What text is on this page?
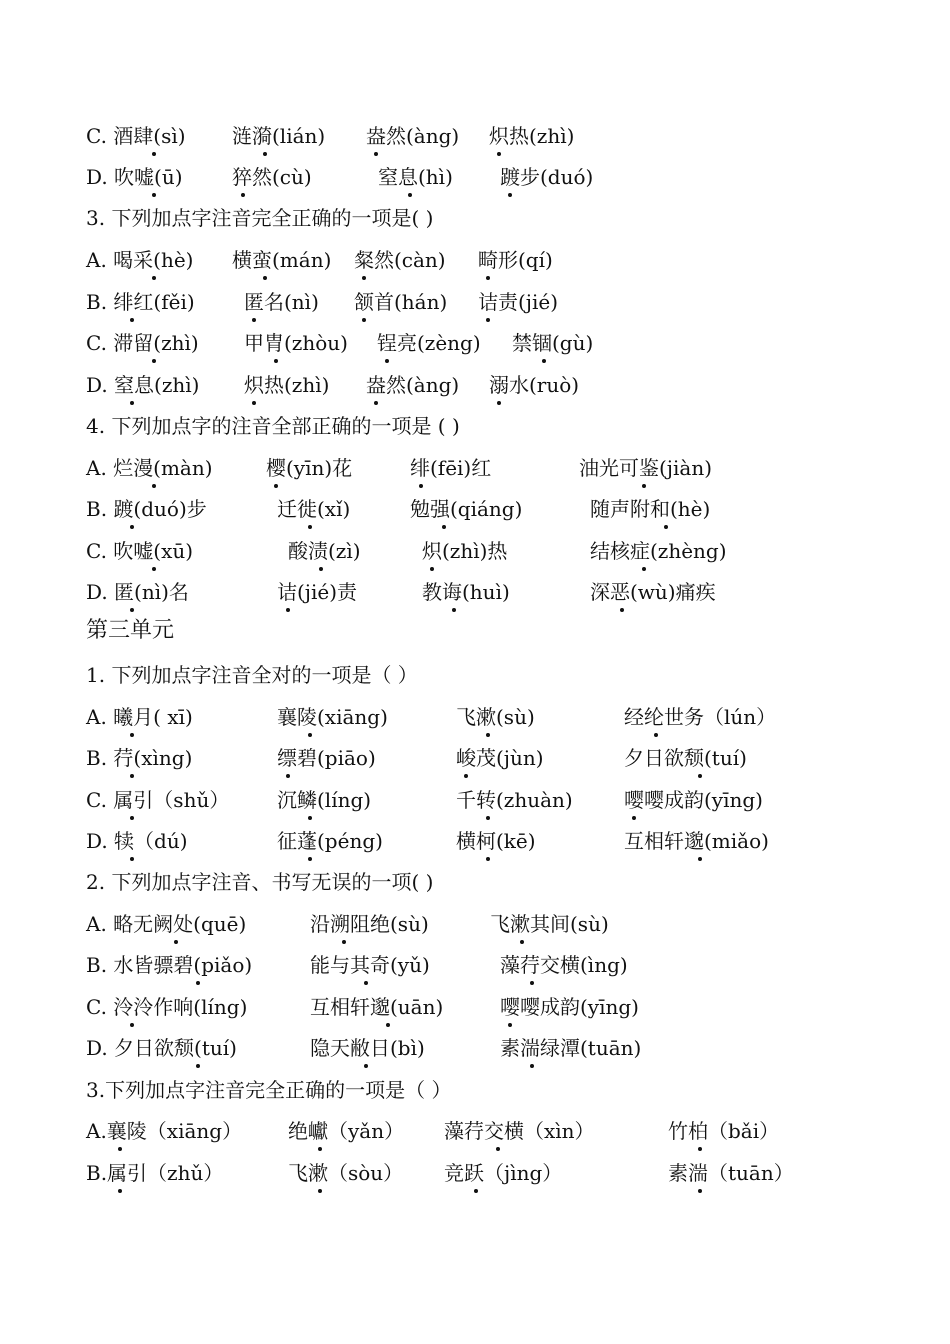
C. 酒肆(sì) 涟漪(lián) 盎然(àng) 炽热(zhì)
D. 吹嘘(ū) 猝然(cù)	窒息(hì) 踱步(duó)
3. 下列加点字注音完全正确的一项是( )
A. 喝采(hè) 横蛮(mán) 粲然(càn) 畸形(qí)
B. 绯红(fěi) 匿名(nì) 颔首(hán) 诘责(jié)
C. 滞留(zhì) 甲胄(zhòu) 锃亮(zèng) 禁锢(gù)
D. 窒息(zhì) 炽热(zhì) 盎然(àng) 溺水(ruò)
4. 下列加点字的注音全部正确的一项是 ( )
A. 烂漫(màn)	樱(yīn)花	绯(fēi)红	油光可鉴(jiàn)
B. 踱(duó)步	迁徙(xǐ)	勉强(qiáng)	随声附和(hè)
C. 吹嘘(xū)	酸渍(zì)	炽(zhì)热	结核症(zhèng)
D. 匿(nì)名	诘(jié)责	教诲(huì)	深恶(wù)痛疾
第三单元
1. 下列加点字注音全对的一项是（ ）
A. 曦月( xī)	襄陵(xiāng)	飞漱(sù)	经纶世务（lún）
B. 荇(xìng)	缥碧(piāo)	峻茂(jùn)	夕日欲颓(tuí)
C. 属引（shǔ） 沉鳞(líng)	千转(zhuàn)	嘤嘤成韵(yīng)
D. 犊（dú)	征蓬(péng)	横柯(kē)	互相轩邈(miǎo)
2. 下列加点字注音、书写无误的一项( )
A. 略无阙处(quē)	沿溯阻绝(sù)	飞漱其间(sù)
B. 水皆骠碧(piǎo)	能与其奇(yǔ)	藻荇交横(ìng)
C. 泠泠作响(líng)	互相轩邈(uān)	嘤嘤成韵(yīng)
D. 夕日欲颓(tuí)	隐天敝日(bì)	素湍绿潭(tuān)
3.下列加点字注音完全正确的一项是（ ）
A.襄陵（xiāng） 绝巘（yǎn） 藻荇交横（xìn）	竹柏（bǎi）
B.属引（zhǔ）	飞漱（sòu） 竞跃（jìng）	素湍（tuān）
